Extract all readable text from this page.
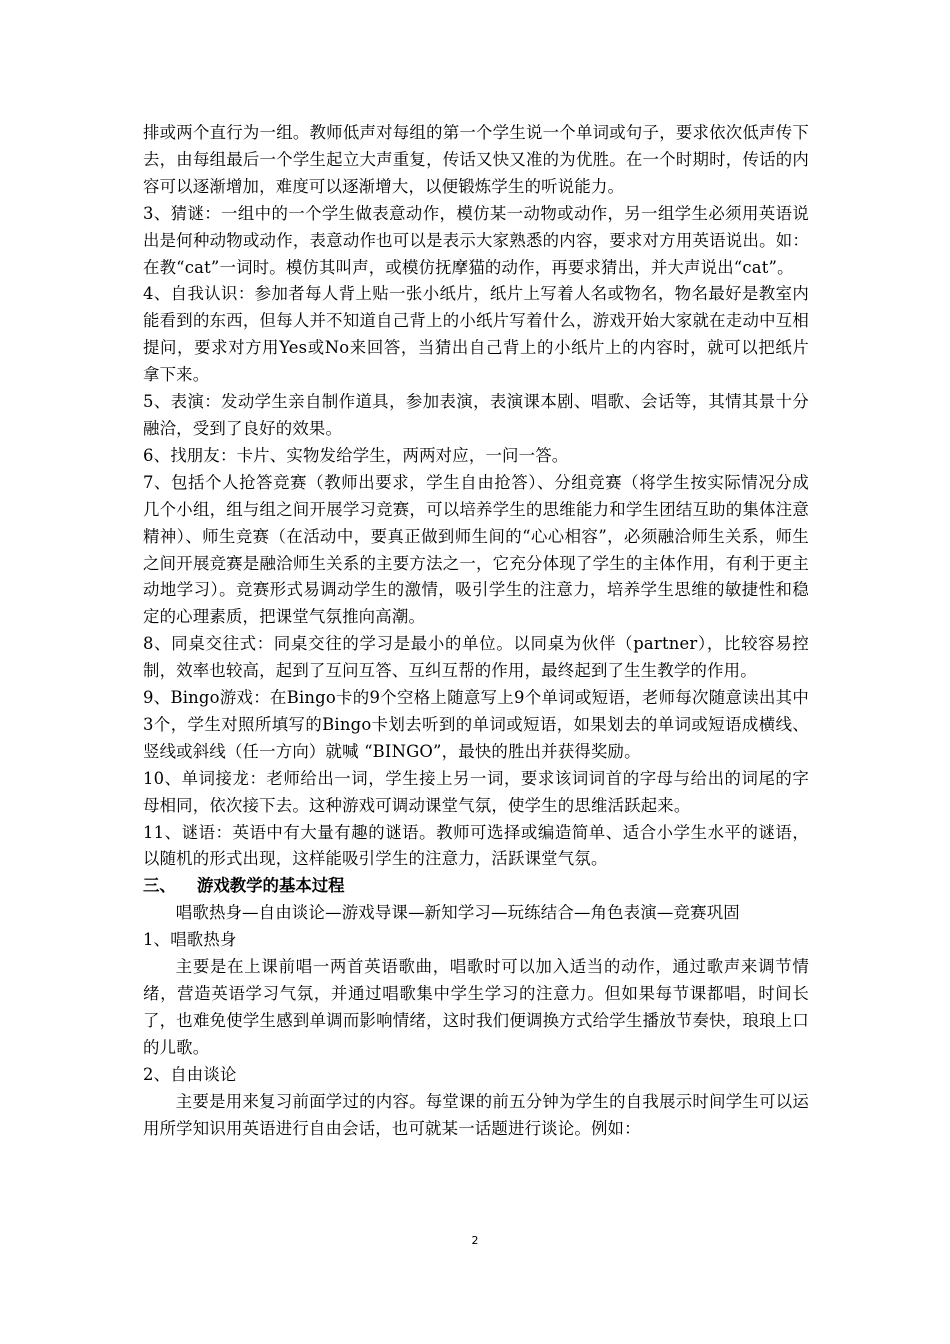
排或两个直行为一组。教师低声对每组的第一个学生说一个单词或句子，要求依次低声传下去，由每组最后一个学生起立大声重复，传话又快又准的为优胜。在一个时期时，传话的内容可以逐渐增加，难度可以逐渐增大，以便锻炼学生的听说能力。

3、猜谜：一组中的一个学生做表意动作，模仿某一动物或动作，另一组学生必须用英语说出是何种动物或动作，表意动作也可以是表示大家熟悉的内容，要求对方用英语说出。如：在教“cat”一词时。模仿其叫声，或模仿抚摩猫的动作，再要求猜出，并大声说出“cat”。

4、自我认识：参加者每人背上贴一张小纸片，纸片上写着人名或物名，物名最好是教室内能看到的东西，但每人并不知道自己背上的小纸片写着什么，游戏开始大家就在走动中互相提问，要求对方用Yes或No来回答，当猜出自己背上的小纸片上的内容时，就可以把纸片拿下来。

5、表演：发动学生亲自制作道具，参加表演，表演课本剧、唱歌、会话等，其情其景十分融洽，受到了良好的效果。

6、找朋友：卡片、实物发给学生，两两对应，一问一答。

7、包括个人抢答竞赛（教师出要求，学生自由抢答）、分组竞赛（将学生按实际情况分成几个小组，组与组之间开展学习竞赛，可以培养学生的思维能力和学生团结互助的集体注意精神）、师生竞赛（在活动中，要真正做到师生间的“心心相容”，必须融洽师生关系，师生之间开展竞赛是融洽师生关系的主要方法之一，它充分体现了学生的主体作用，有利于更主动地学习）。竞赛形式易调动学生的激情，吸引学生的注意力，培养学生思维的敏捷性和稳定的心理素质，把课堂气氛推向高潮。

8、同桌交往式：同桌交往的学习是最小的单位。以同桌为伙伴（partner），比较容易控制，效率也较高，起到了互问互答、互纠互帮的作用，最终起到了生生教学的作用。

9、Bingo游戏：在Bingo卡的9个空格上随意写上9个单词或短语，老师每次随意读出其中3个，学生对照所填写的Bingo卡划去听到的单词或短语，如果划去的单词或短语成横线、竖线或斜线（任一方向）就喊 “BINGO”，最快的胜出并获得奖励。

10、单词接龙：老师给出一词，学生接上另一词，要求该词词首的字母与给出的词尾的字母相同，依次接下去。这种游戏可调动课堂气氛，使学生的思维活跃起来。

11、谜语：英语中有大量有趣的谜语。教师可选择或编造简单、适合小学生水平的谜语，以随机的形式出现，这样能吸引学生的注意力，活跃课堂气氛。

三、	游戏教学的基本过程

唱歌热身—自由谈论—游戏导课—新知学习—玩练结合—角色表演—竞赛巩固

1、唱歌热身

主要是在上课前唱一两首英语歌曲，唱歌时可以加入适当的动作，通过歌声来调节情绪，营造英语学习气氛，并通过唱歌集中学生学习的注意力。但如果每节课都唱，时间长了，也难免使学生感到单调而影响情绪，这时我们便调换方式给学生播放节奏快，琅琅上口的儿歌。

2、自由谈论

主要是用来复习前面学过的内容。每堂课的前五分钟为学生的自我展示时间学生可以运用所学知识用英语进行自由会话，也可就某一话题进行谈论。例如：

2
